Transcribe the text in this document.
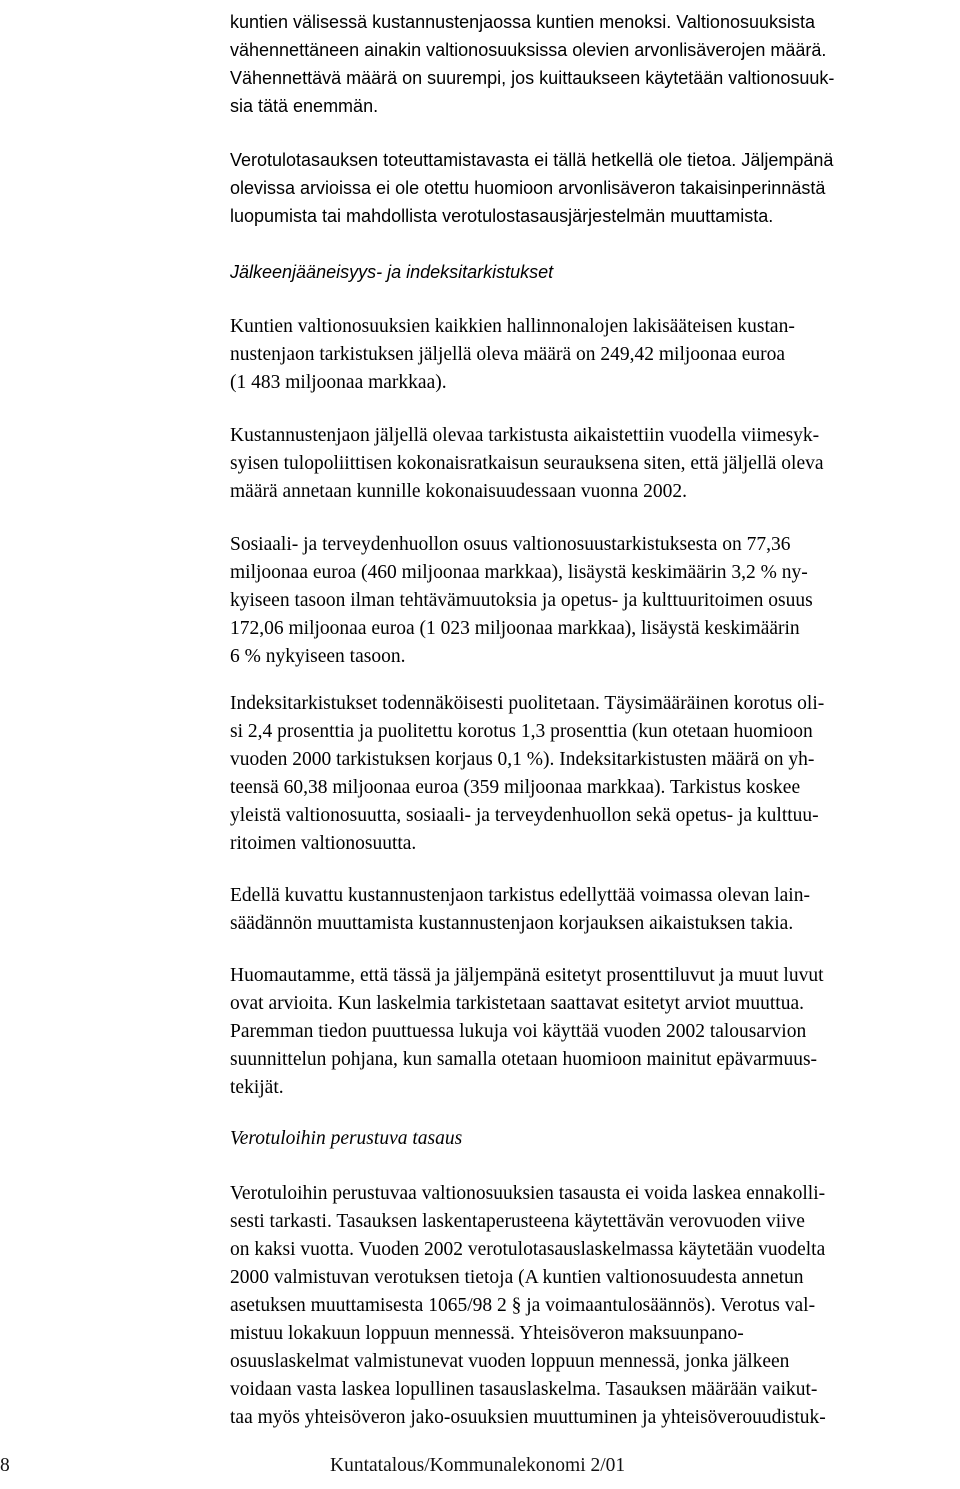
kuntien välisessä kustannustenjaossa kuntien menoksi. Valtionosuuksista
vähennettäneen ainakin valtionosuuksissa olevien arvonlisäverojen määrä.
Vähennettävä määrä on suurempi, jos kuittaukseen käytetään valtionosuuk-
sia tätä enemmän.
Verotulotasauksen toteuttamistavasta ei tällä hetkellä ole tietoa. Jäljempänä
olevissa arvioissa ei ole otettu huomioon arvonlisäveron takaisinperinnästä
luopumista tai mahdollista verotulostasausjärjestelmän muuttamista.
Jälkeenjääneisyys- ja indeksitarkistukset
Kuntien valtionosuuksien kaikkien hallinnonalojen lakisääteisen kustan-
nustenjaon tarkistuksen jäljellä oleva määrä on 249,42 miljoonaa euroa
(1 483 miljoonaa markkaa).
Kustannustenjaon jäljellä olevaa tarkistusta aikaistettiin vuodella viimesyk-
syisen tulopoliittisen kokonaisratkaisun seurauksena siten, että jäljellä oleva
määrä annetaan kunnille kokonaisuudessaan vuonna 2002.
Sosiaali- ja terveydenhuollon osuus valtionosuustarkistuksesta on 77,36
miljoonaa euroa (460 miljoonaa markkaa), lisäystä keskimäärin 3,2 % ny-
kyiseen tasoon ilman tehtävämuutoksia ja opetus- ja kulttuuritoimen osuus
172,06 miljoonaa euroa (1 023 miljoonaa markkaa), lisäystä keskimäärin
6 % nykyiseen tasoon.
Indeksitarkistukset todennäköisesti puolitetaan. Täysimääräinen korotus oli-
si 2,4 prosenttia ja puolitettu korotus 1,3 prosenttia (kun otetaan huomioon
vuoden 2000 tarkistuksen korjaus 0,1 %). Indeksitarkistusten määrä on yh-
teensä 60,38 miljoonaa euroa (359 miljoonaa markkaa). Tarkistus koskee
yleistä valtionosuutta, sosiaali- ja terveydenhuollon sekä opetus- ja kulttuu-
ritoimen valtionosuutta.
Edellä kuvattu kustannustenjaon tarkistus edellyttää voimassa olevan lain-
säädännön muuttamista kustannustenjaon korjauksen aikaistuksen takia.
Huomautamme, että tässä ja jäljempänä esitetyt prosenttiluvut ja muut luvut
ovat arvioita. Kun laskelmia tarkistetaan saattavat esitetyt arviot muuttua.
Paremman tiedon puuttuessa lukuja voi käyttää vuoden 2002 talousarvion
suunnittelun pohjana, kun samalla otetaan huomioon mainitut epävarmuus-
tekijät.
Verotuloihin perustuva tasaus
Verotuloihin perustuvaa valtionosuuksien tasausta ei voida laskea ennakolli-
sesti tarkasti. Tasauksen laskentaperusteena käytettävän verovuoden viive
on kaksi vuotta. Vuoden 2002 verotulotasauslaskelmassa käytetään vuodelta
2000 valmistuvan verotuksen tietoja (A kuntien valtionosuudesta annetun
asetuksen muuttamisesta 1065/98 2 § ja voimaantulosäännös). Verotus val-
mistuu lokakuun loppuun mennessä. Yhteisöveron maksuunpano-
osuuslaskelmat valmistunevat vuoden loppuun mennessä, jonka jälkeen
voidaan vasta laskea lopullinen tasauslaskelma. Tasauksen määrään vaikut-
taa myös yhteisöveron jako-osuuksien muuttuminen ja yhteisöverouudistuk-
8	Kuntatalous/Kommunalekonomi 2/01
